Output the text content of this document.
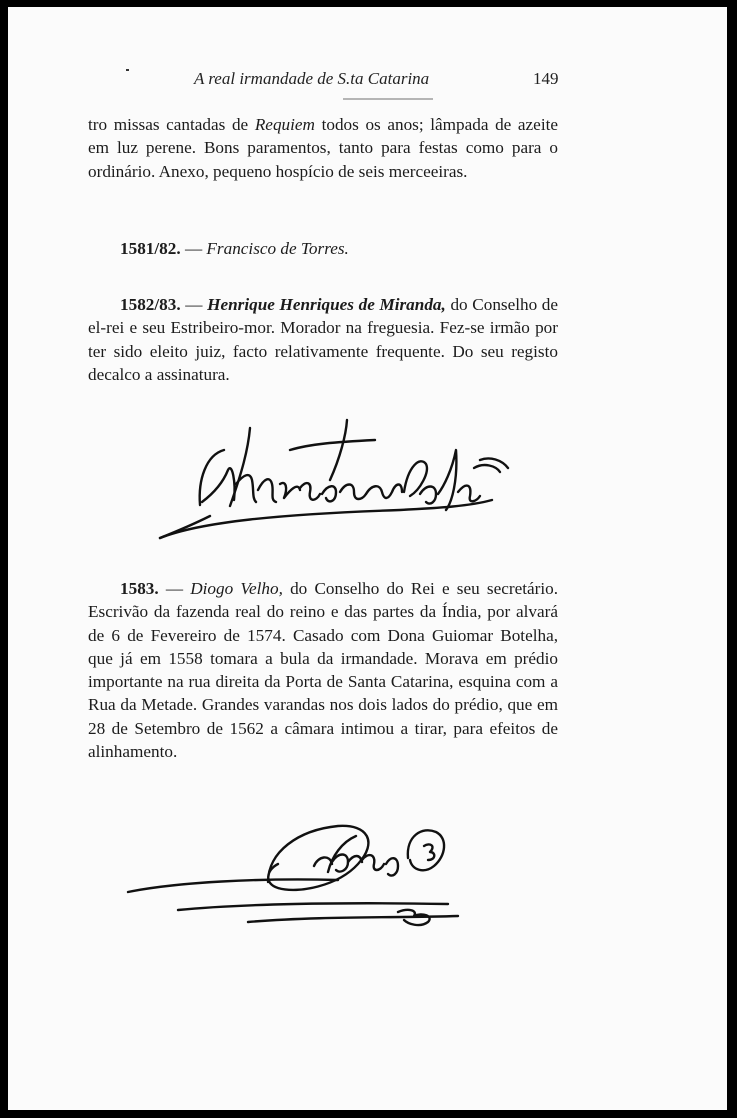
A real irmandade de S.ta Catarina	149

tro missas cantadas de Requiem todos os anos; lâmpada de azeite em luz perene. Bons paramentos, tanto para festas como para o ordinário. Anexo, pequeno hospício de seis merceeiras.

1581/82. — Francisco de Torres.

1582/83. — Henrique Henriques de Miranda, do Conselho de el-rei e seu Estribeiro-mor. Morador na freguesia. Fez-se irmão por ter sido eleito juiz, facto relativamente frequente. Do seu registo decalco a assinatura.

1583. — Diogo Velho, do Conselho do Rei e seu secretário. Escrivão da fazenda real do reino e das partes da Índia, por alvará de 6 de Fevereiro de 1574. Casado com Dona Guiomar Botelha, que já em 1558 tomara a bula da irmandade. Morava em prédio importante na rua direita da Porta de Santa Catarina, esquina com a Rua da Metade. Grandes varandas nos dois lados do prédio, que em 28 de Setembro de 1562 a câmara intimou a tirar, para efeitos de alinhamento.
